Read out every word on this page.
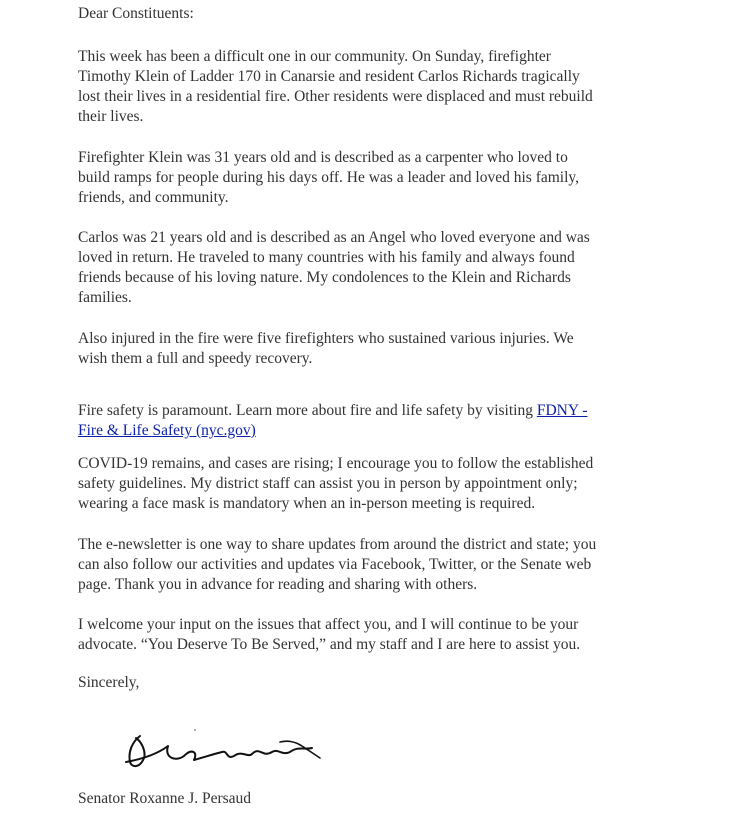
Dear Constituents:

This week has been a difficult one in our community. On Sunday, firefighter
Timothy Klein of Ladder 170 in Canarsie and resident Carlos Richards tragically
lost their lives in a residential fire. Other residents were displaced and must rebuild
their lives.

Firefighter Klein was 31 years old and is described as a carpenter who loved to
build ramps for people during his days off. He was a leader and loved his family,
friends, and community.

Carlos was 21 years old and is described as an Angel who loved everyone and was
loved in return. He traveled to many countries with his family and always found
friends because of his loving nature. My condolences to the Klein and Richards
families.

Also injured in the fire were five firefighters who sustained various injuries. We
wish them a full and speedy recovery.

Fire safety is paramount. Learn more about fire and life safety by visiting FDNY -
Fire & Life Safety (nyc.gov)

COVID-19 remains, and cases are rising; I encourage you to follow the established
safety guidelines. My district staff can assist you in person by appointment only;
wearing a face mask is mandatory when an in-person meeting is required.

The e-newsletter is one way to share updates from around the district and state; you
can also follow our activities and updates via Facebook, Twitter, or the Senate web
page. Thank you in advance for reading and sharing with others.

I welcome your input on the issues that affect you, and I will continue to be your
advocate. “You Deserve To Be Served,” and my staff and I are here to assist you.

Sincerely,

Senator Roxanne J. Persaud
